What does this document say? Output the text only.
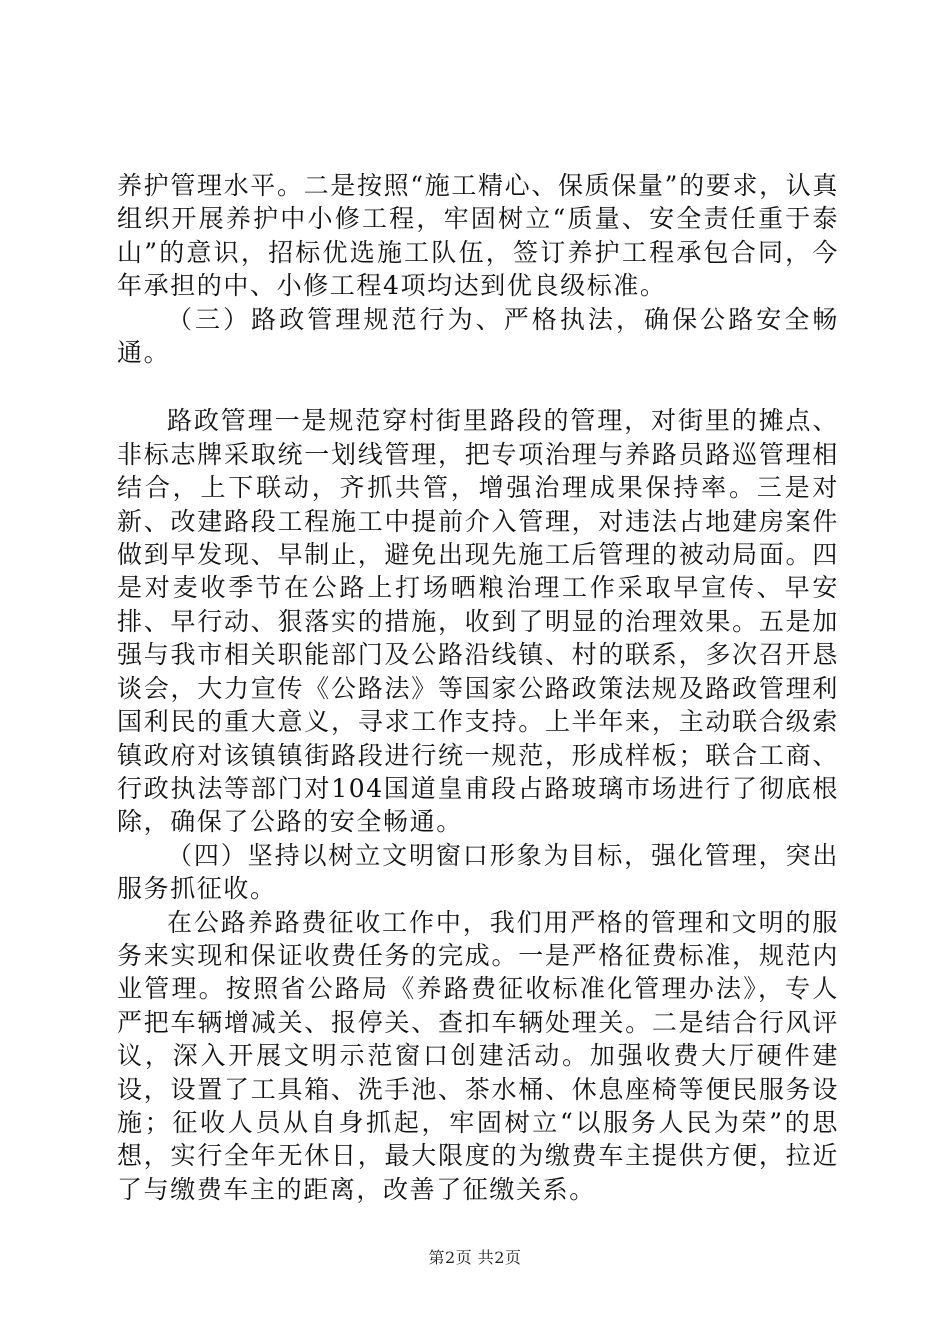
养护管理水平。二是按照“施工精心、保质保量”的要求，认真组织开展养护中小修工程，牢固树立“质量、安全责任重于泰山”的意识，招标优选施工队伍，签订养护工程承包合同，今年承担的中、小修工程4项均达到优良级标准。

（三）路政管理规范行为、严格执法，确保公路安全畅通。

路政管理一是规范穿村街里路段的管理，对街里的摊点、非标志牌采取统一划线管理，把专项治理与养路员路巡管理相结合，上下联动，齐抓共管，增强治理成果保持率。三是对新、改建路段工程施工中提前介入管理，对违法占地建房案件做到早发现、早制止，避免出现先施工后管理的被动局面。四是对麦收季节在公路上打场晒粮治理工作采取早宣传、早安排、早行动、狠落实的措施，收到了明显的治理效果。五是加强与我市相关职能部门及公路沿线镇、村的联系，多次召开恳谈会，大力宣传《公路法》等国家公路政策法规及路政管理利国利民的重大意义，寻求工作支持。上半年来，主动联合级索镇政府对该镇镇街路段进行统一规范，形成样板；联合工商、行政执法等部门对104国道皇甫段占路玻璃市场进行了彻底根除，确保了公路的安全畅通。

（四）坚持以树立文明窗口形象为目标，强化管理，突出服务抓征收。

在公路养路费征收工作中，我们用严格的管理和文明的服务来实现和保证收费任务的完成。一是严格征费标准，规范内业管理。按照省公路局《养路费征收标准化管理办法》，专人严把车辆增减关、报停关、查扣车辆处理关。二是结合行风评议，深入开展文明示范窗口创建活动。加强收费大厅硬件建设，设置了工具箱、洗手池、茶水桶、休息座椅等便民服务设施；征收人员从自身抓起，牢固树立“以服务人民为荣”的思想，实行全年无休日，最大限度的为缴费车主提供方便，拉近了与缴费车主的距离，改善了征缴关系。

第2页 共2页
